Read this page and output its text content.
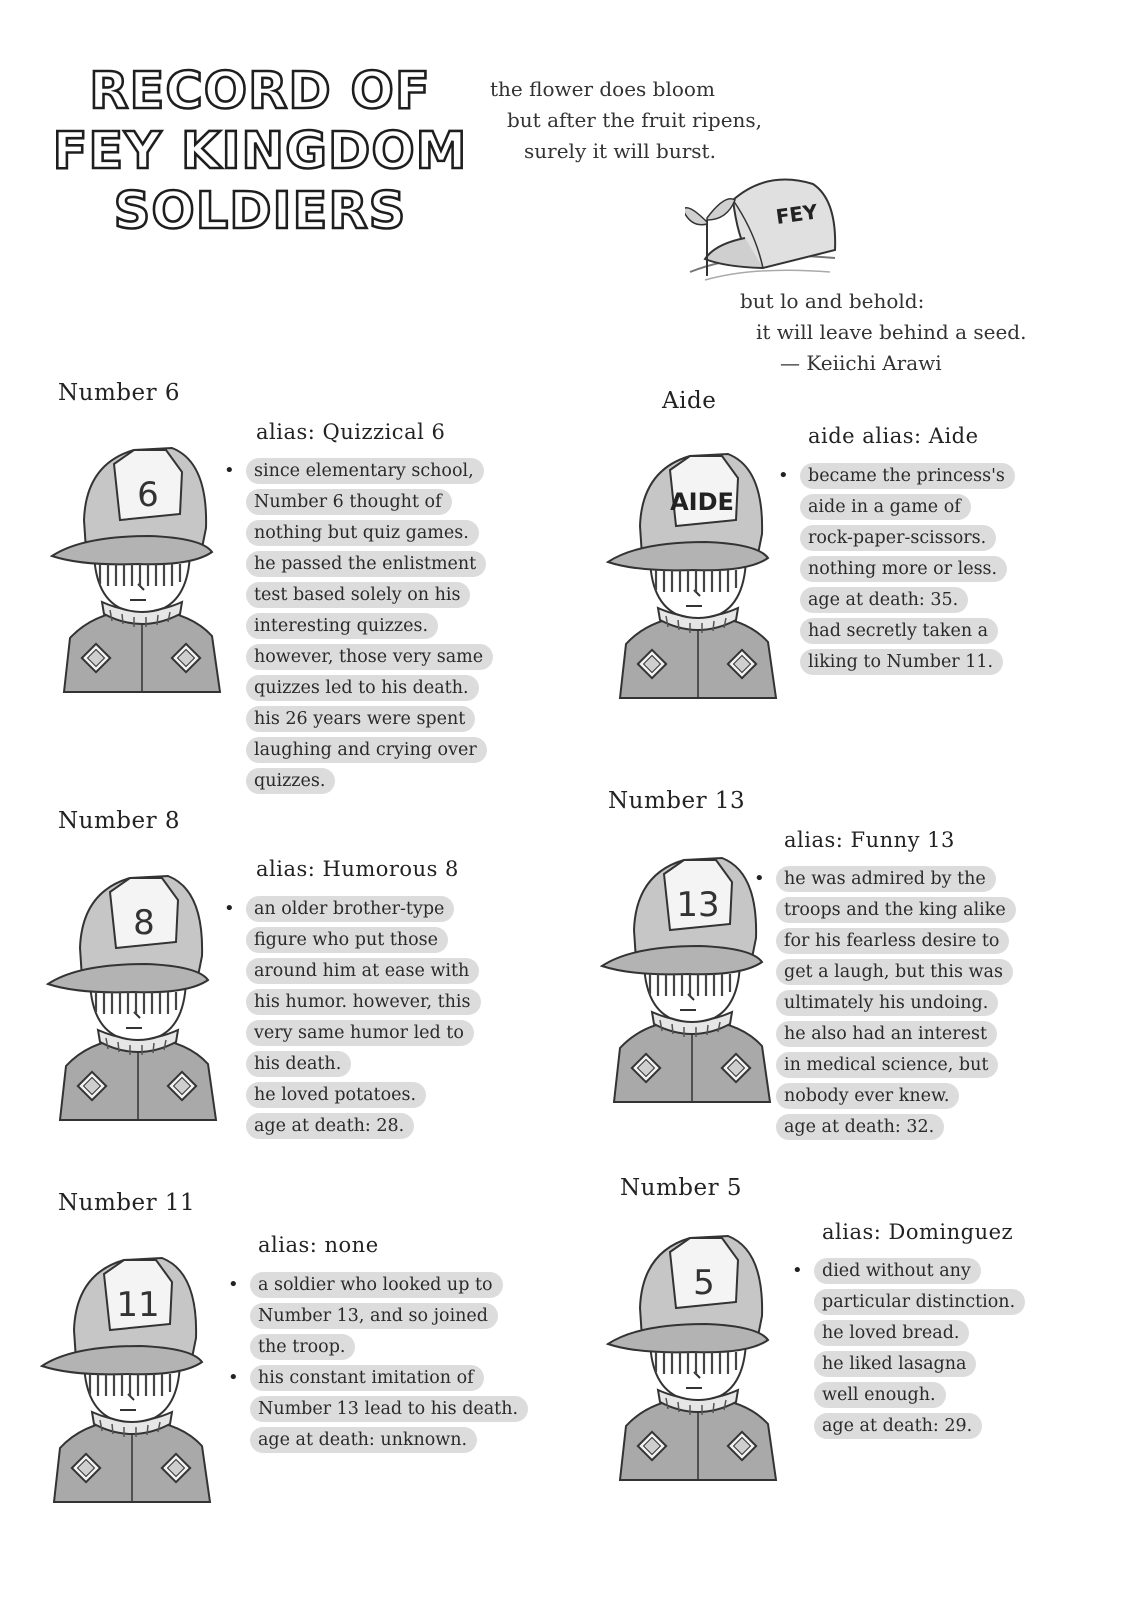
RECORD OF
FEY KINGDOM
SOLDIERS
the flower does bloom
but after the fruit ripens,
surely it will burst.
FEY
but lo and behold:
it will leave behind a seed.
— Keiichi Arawi
Number 6
6
alias: Quizzical 6
• since elementary school,
Number 6 thought of
nothing but quiz games.
he passed the enlistment
test based solely on his
interesting quizzes.
however, those very same
quizzes led to his death.
his 26 years were spent
laughing and crying over
quizzes.
Aide
AIDE
aide alias: Aide
• became the princess's
aide in a game of
rock-paper-scissors.
nothing more or less.
age at death: 35.
had secretly taken a
liking to Number 11.
Number 8
8
alias: Humorous 8
• an older brother-type
figure who put those
around him at ease with
his humor. however, this
very same humor led to
his death.
he loved potatoes.
age at death: 28.
Number 13
13
alias: Funny 13
• he was admired by the
troops and the king alike
for his fearless desire to
get a laugh, but this was
ultimately his undoing.
he also had an interest
in medical science, but
nobody ever knew.
age at death: 32.
Number 11
11
alias: none
• a soldier who looked up to
Number 13, and so joined
the troop.
• his constant imitation of
Number 13 lead to his death.
age at death: unknown.
Number 5
5
alias: Dominguez
• died without any
particular distinction.
he loved bread.
he liked lasagna
well enough.
age at death: 29.
